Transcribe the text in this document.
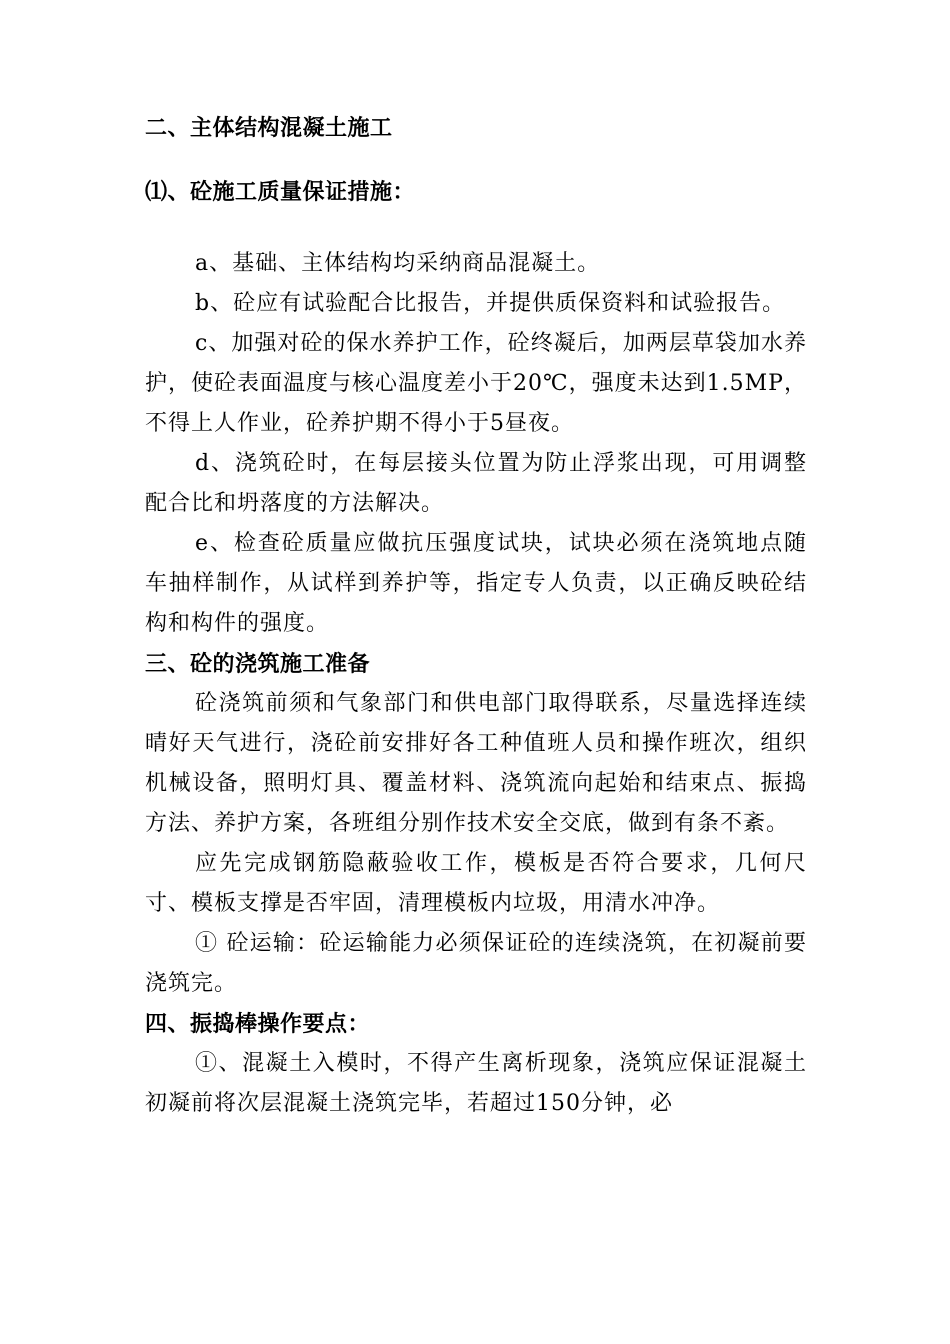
二、主体结构混凝土施工

⑴、砼施工质量保证措施：

a、基础、主体结构均采纳商品混凝土。

b、砼应有试验配合比报告，并提供质保资料和试验报告。

c、加强对砼的保水养护工作，砼终凝后，加两层草袋加水养护，使砼表面温度与核心温度差小于20℃，强度未达到1.5MP，不得上人作业，砼养护期不得小于5昼夜。

d、浇筑砼时，在每层接头位置为防止浮浆出现，可用调整配合比和坍落度的方法解决。

e、检查砼质量应做抗压强度试块，试块必须在浇筑地点随车抽样制作，从试样到养护等，指定专人负责，以正确反映砼结构和构件的强度。

三、砼的浇筑施工准备

砼浇筑前须和气象部门和供电部门取得联系，尽量选择连续晴好天气进行，浇砼前安排好各工种值班人员和操作班次，组织机械设备，照明灯具、覆盖材料、浇筑流向起始和结束点、振捣方法、养护方案，各班组分别作技术安全交底，做到有条不紊。

应先完成钢筋隐蔽验收工作，模板是否符合要求，几何尺寸、模板支撑是否牢固，清理模板内垃圾，用清水冲净。

① 砼运输：砼运输能力必须保证砼的连续浇筑，在初凝前要浇筑完。

四、振捣棒操作要点：

①、混凝土入模时，不得产生离析现象，浇筑应保证混凝土初凝前将次层混凝土浇筑完毕，若超过150分钟，必
